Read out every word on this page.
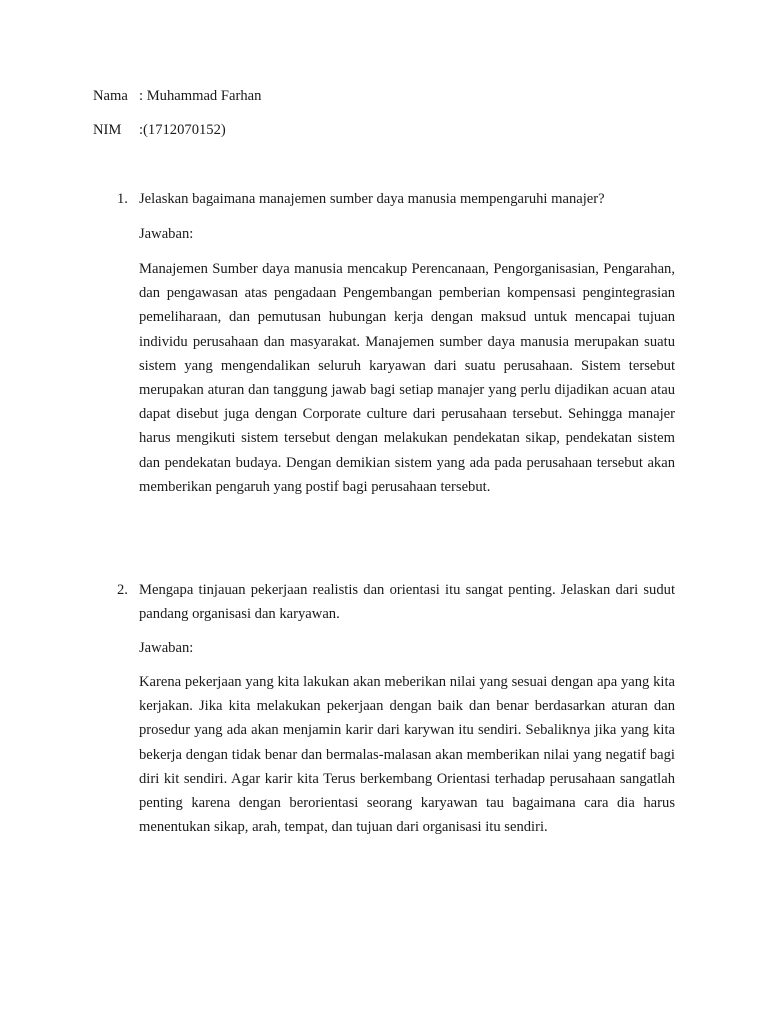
Nama : Muhammad Farhan
NIM :(1712070152)
1. Jelaskan bagaimana manajemen sumber daya manusia mempengaruhi manajer?
Jawaban:
Manajemen Sumber daya manusia mencakup Perencanaan, Pengorganisasian, Pengarahan, dan pengawasan atas pengadaan Pengembangan pemberian kompensasi pengintegrasian pemeliharaan, dan pemutusan hubungan kerja dengan maksud untuk mencapai tujuan individu perusahaan dan masyarakat. Manajemen sumber daya manusia merupakan suatu sistem yang mengendalikan seluruh karyawan dari suatu perusahaan. Sistem tersebut merupakan aturan dan tanggung jawab bagi setiap manajer yang perlu dijadikan acuan atau dapat disebut juga dengan Corporate culture dari perusahaan tersebut. Sehingga manajer harus mengikuti sistem tersebut dengan melakukan pendekatan sikap, pendekatan sistem dan pendekatan budaya. Dengan demikian sistem yang ada pada perusahaan tersebut akan memberikan pengaruh yang postif bagi perusahaan tersebut.
2. Mengapa tinjauan pekerjaan realistis dan orientasi itu sangat penting. Jelaskan dari sudut pandang organisasi dan karyawan.
Jawaban:
Karena pekerjaan yang kita lakukan akan meberikan nilai yang sesuai dengan apa yang kita kerjakan. Jika kita melakukan pekerjaan dengan baik dan benar berdasarkan aturan dan prosedur yang ada akan menjamin karir dari karywan itu sendiri. Sebaliknya jika yang kita bekerja dengan tidak benar dan bermalas-malasan akan memberikan nilai yang negatif bagi diri kit sendiri. Agar karir kita Terus berkembang Orientasi terhadap perusahaan sangatlah penting karena dengan berorientasi seorang karyawan tau bagaimana cara dia harus menentukan sikap, arah, tempat, dan tujuan dari organisasi itu sendiri.
